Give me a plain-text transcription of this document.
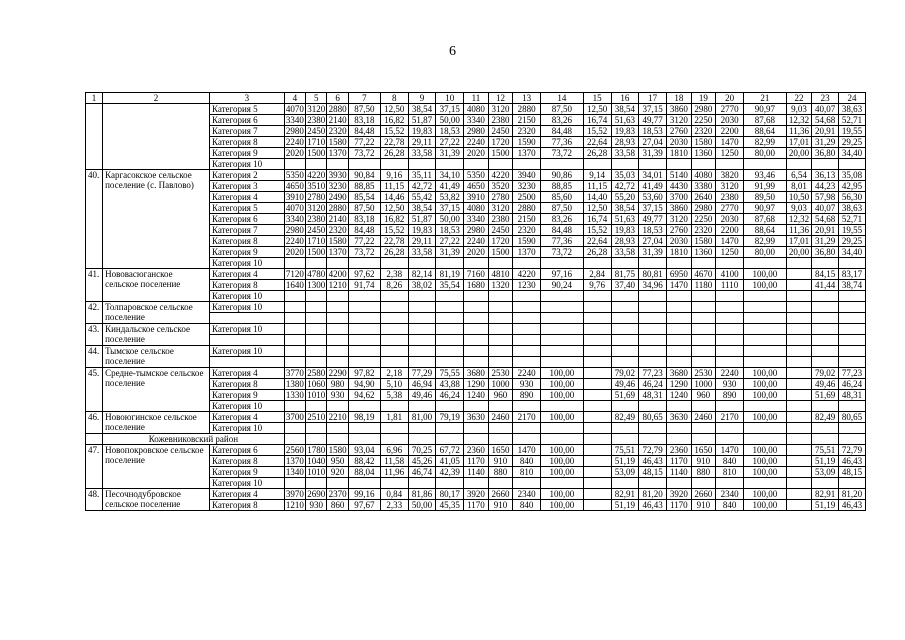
6
1	2	3	4	5	6	7	8	9	10	11	12	13	14	15	16	17	18	19	20	21	22	23	24
		Категория 5	4070	3120	2880	87,50	12,50	38,54	37,15	4080	3120	2880	87,50	12,50	38,54	37,15	3860	2980	2770	90,97	9,03	40,07	38,63
		Категория 6	3340	2380	2140	83,18	16,82	51,87	50,00	3340	2380	2150	83,26	16,74	51,63	49,77	3120	2250	2030	87,68	12,32	54,68	52,71
		Категория 7	2980	2450	2320	84,48	15,52	19,83	18,53	2980	2450	2320	84,48	15,52	19,83	18,53	2760	2320	2200	88,64	11,36	20,91	19,55
		Категория 8	2240	1710	1580	77,22	22,78	29,11	27,22	2240	1720	1590	77,36	22,64	28,93	27,04	2030	1580	1470	82,99	17,01	31,29	29,25
		Категория 9	2020	1500	1370	73,72	26,28	33,58	31,39	2020	1500	1370	73,72	26,28	33,58	31,39	1810	1360	1250	80,00	20,00	36,80	34,40
		Категория 10																					
40.	Каргасокское сельское поселение (с. Павлово)	Категория 2	5350	4220	3930	90,84	9,16	35,11	34,10	5350	4220	3940	90,86	9,14	35,03	34,01	5140	4080	3820	93,46	6,54	36,13	35,08
		Категория 3	4650	3510	3230	88,85	11,15	42,72	41,49	4650	3520	3230	88,85	11,15	42,72	41,49	4430	3380	3120	91,99	8,01	44,23	42,95
		Категория 4	3910	2780	2490	85,54	14,46	55,42	53,82	3910	2780	2500	85,60	14,40	55,20	53,60	3700	2640	2380	89,50	10,50	57,98	56,30
		Категория 5	4070	3120	2880	87,50	12,50	38,54	37,15	4080	3120	2880	87,50	12,50	38,54	37,15	3860	2980	2770	90,97	9,03	40,07	38,63
		Категория 6	3340	2380	2140	83,18	16,82	51,87	50,00	3340	2380	2150	83,26	16,74	51,63	49,77	3120	2250	2030	87,68	12,32	54,68	52,71
		Категория 7	2980	2450	2320	84,48	15,52	19,83	18,53	2980	2450	2320	84,48	15,52	19,83	18,53	2760	2320	2200	88,64	11,36	20,91	19,55
		Категория 8	2240	1710	1580	77,22	22,78	29,11	27,22	2240	1720	1590	77,36	22,64	28,93	27,04	2030	1580	1470	82,99	17,01	31,29	29,25
		Категория 9	2020	1500	1370	73,72	26,28	33,58	31,39	2020	1500	1370	73,72	26,28	33,58	31,39	1810	1360	1250	80,00	20,00	36,80	34,40
		Категория 10																					
41.	Нововасюганское сельское поселение	Категория 4	7120	4780	4200	97,62	2,38	82,14	81,19	7160	4810	4220	97,16	2,84	81,75	80,81	6950	4670	4100	100,00		84,15	83,17
		Категория 8	1640	1300	1210	91,74	8,26	38,02	35,54	1680	1320	1230	90,24	9,76	37,40	34,96	1470	1180	1110	100,00		41,44	38,74
		Категория 10																					
42.	Толпаровское сельское поселение	Категория 10																					

43.	Киндальское сельское поселение	Категория 10																					

44.	Тымское сельское поселение	Категория 10																					

45.	Средне-тымское сельское поселение	Категория 4	3770	2580	2290	97,82	2,18	77,29	75,55	3680	2530	2240	100,00		79,02	77,23	3680	2530	2240	100,00		79,02	77,23
		Категория 8	1380	1060	980	94,90	5,10	46,94	43,88	1290	1000	930	100,00		49,46	46,24	1290	1000	930	100,00		49,46	46,24
		Категория 9	1330	1010	930	94,62	5,38	49,46	46,24	1240	960	890	100,00		51,69	48,31	1240	960	890	100,00		51,69	48,31
		Категория 10																					
46.	Новоюгинское сельское поселение	Категория 4	3700	2510	2210	98,19	1,81	81,00	79,19	3630	2460	2170	100,00		82,49	80,65	3630	2460	2170	100,00		82,49	80,65
		Категория 10																					
	Кожевниковский район																						
47.	Новопокровское сельское поселение	Категория 6	2560	1780	1580	93,04	6,96	70,25	67,72	2360	1650	1470	100,00		75,51	72,79	2360	1650	1470	100,00		75,51	72,79
		Категория 8	1370	1040	950	88,42	11,58	45,26	41,05	1170	910	840	100,00		51,19	46,43	1170	910	840	100,00		51,19	46,43
		Категория 9	1340	1010	920	88,04	11,96	46,74	42,39	1140	880	810	100,00		53,09	48,15	1140	880	810	100,00		53,09	48,15
		Категория 10																					
48.	Песочнодубровское сельское поселение	Категория 4	3970	2690	2370	99,16	0,84	81,86	80,17	3920	2660	2340	100,00		82,91	81,20	3920	2660	2340	100,00		82,91	81,20
		Категория 8	1210	930	860	97,67	2,33	50,00	45,35	1170	910	840	100,00		51,19	46,43	1170	910	840	100,00		51,19	46,43
